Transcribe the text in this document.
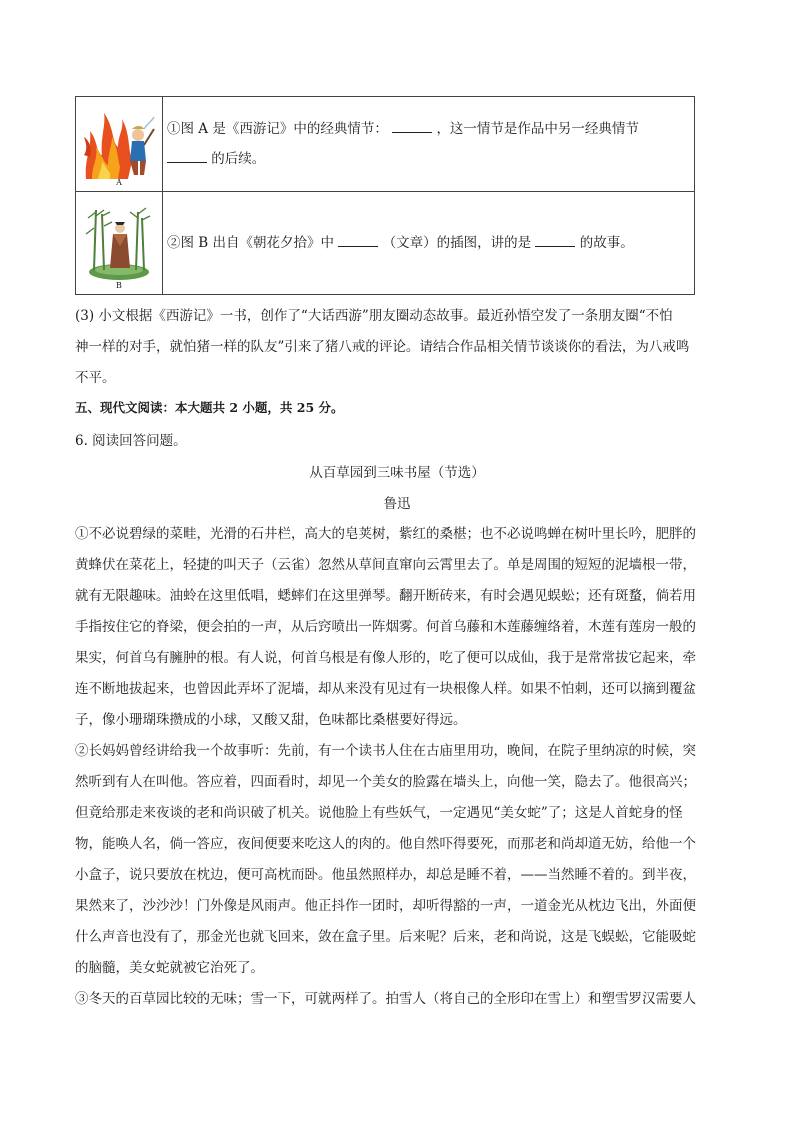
A	①图 A 是《西游记》中的经典情节： ，这一情节是作品中另一经典情节
的后续。

B	②图 B 出自《朝花夕拾》中 （文章）的插图，讲的是 的故事。
(3) 小文根据《西游记》一书，创作了“大话西游”朋友圈动态故事。最近孙悟空发了一条朋友圈“不怕
神一样的对手，就怕猪一样的队友”引来了猪八戒的评论。请结合作品相关情节谈谈你的看法，为八戒鸣
不平。
五、现代文阅读：本大题共 2 小题，共 25 分。
6. 阅读回答问题。
从百草园到三味书屋（节选）
鲁迅
①不必说碧绿的菜畦，光滑的石井栏，高大的皂荚树，紫红的桑椹；也不必说鸣蝉在树叶里长吟，肥胖的
黄蜂伏在菜花上，轻捷的叫天子（云雀）忽然从草间直窜向云霄里去了。单是周围的短短的泥墙根一带，
就有无限趣味。油蛉在这里低唱，蟋蟀们在这里弹琴。翻开断砖来，有时会遇见蜈蚣；还有斑蝥，倘若用
手指按住它的脊梁，便会拍的一声，从后窍喷出一阵烟雾。何首乌藤和木莲藤缠络着，木莲有莲房一般的
果实，何首乌有臃肿的根。有人说，何首乌根是有像人形的，吃了便可以成仙，我于是常常拔它起来，牵
连不断地拔起来，也曾因此弄坏了泥墙，却从来没有见过有一块根像人样。如果不怕刺，还可以摘到覆盆
子，像小珊瑚珠攒成的小球，又酸又甜，色味都比桑椹要好得远。
②长妈妈曾经讲给我一个故事听：先前，有一个读书人住在古庙里用功，晚间，在院子里纳凉的时候，突
然听到有人在叫他。答应着，四面看时，却见一个美女的脸露在墙头上，向他一笑，隐去了。他很高兴；
但竟给那走来夜谈的老和尚识破了机关。说他脸上有些妖气，一定遇见“美女蛇”了；这是人首蛇身的怪
物，能唤人名，倘一答应，夜间便要来吃这人的肉的。他自然吓得要死，而那老和尚却道无妨，给他一个
小盒子，说只要放在枕边，便可高枕而卧。他虽然照样办，却总是睡不着，——当然睡不着的。到半夜，
果然来了，沙沙沙！门外像是风雨声。他正抖作一团时，却听得豁的一声，一道金光从枕边飞出，外面便
什么声音也没有了，那金光也就飞回来，敛在盒子里。后来呢？后来，老和尚说，这是飞蜈蚣，它能吸蛇
的脑髓，美女蛇就被它治死了。
③冬天的百草园比较的无味；雪一下，可就两样了。拍雪人（将自己的全形印在雪上）和塑雪罗汉需要人
